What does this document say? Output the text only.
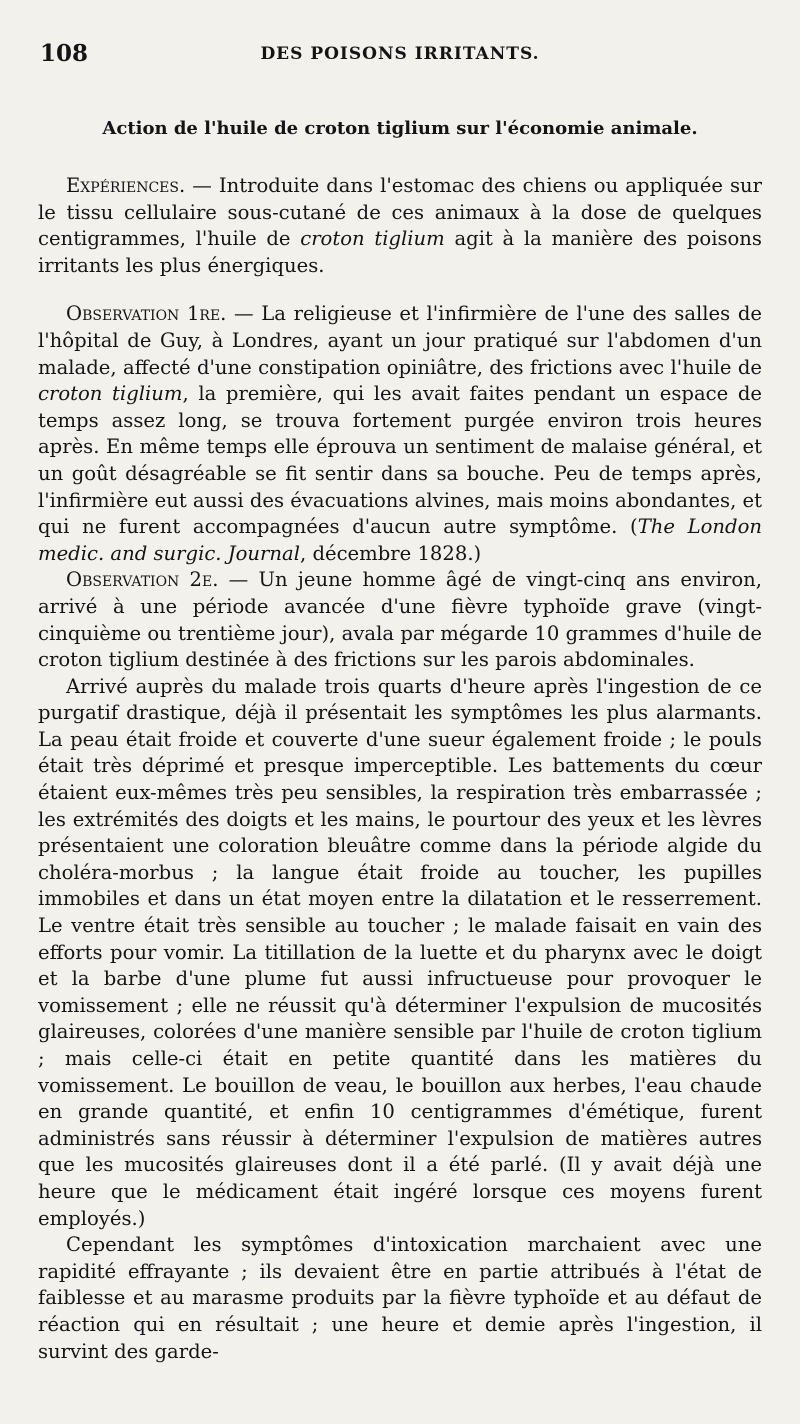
108	DES POISONS IRRITANTS.
Action de l'huile de croton tiglium sur l'économie animale.

Expériences. — Introduite dans l'estomac des chiens ou appliquée sur le tissu cellulaire sous-cutané de ces animaux à la dose de quelques centigrammes, l'huile de croton tiglium agit à la manière des poisons irritants les plus énergiques.

Observation 1re. — La religieuse et l'infirmière de l'une des salles de l'hôpital de Guy, à Londres, ayant un jour pratiqué sur l'abdomen d'un malade, affecté d'une constipation opiniâtre, des frictions avec l'huile de croton tiglium, la première, qui les avait faites pendant un espace de temps assez long, se trouva fortement purgée environ trois heures après. En même temps elle éprouva un sentiment de malaise général, et un goût désagréable se fit sentir dans sa bouche. Peu de temps après, l'infirmière eut aussi des évacuations alvines, mais moins abondantes, et qui ne furent accompagnées d'aucun autre symptôme. (The London medic. and surgic. Journal, décembre 1828.)

Observation 2e. — Un jeune homme âgé de vingt-cinq ans environ, arrivé à une période avancée d'une fièvre typhoïde grave (vingt-cinquième ou trentième jour), avala par mégarde 10 grammes d'huile de croton tiglium destinée à des frictions sur les parois abdominales.

Arrivé auprès du malade trois quarts d'heure après l'ingestion de ce purgatif drastique, déjà il présentait les symptômes les plus alarmants. La peau était froide et couverte d'une sueur également froide ; le pouls était très déprimé et presque imperceptible. Les battements du cœur étaient eux-mêmes très peu sensibles, la respiration très embarrassée ; les extrémités des doigts et les mains, le pourtour des yeux et les lèvres présentaient une coloration bleuâtre comme dans la période algide du choléra-morbus ; la langue était froide au toucher, les pupilles immobiles et dans un état moyen entre la dilatation et le resserrement. Le ventre était très sensible au toucher ; le malade faisait en vain des efforts pour vomir. La titillation de la luette et du pharynx avec le doigt et la barbe d'une plume fut aussi infructueuse pour provoquer le vomissement ; elle ne réussit qu'à déterminer l'expulsion de mucosités glaireuses, colorées d'une manière sensible par l'huile de croton tiglium ; mais celle-ci était en petite quantité dans les matières du vomissement. Le bouillon de veau, le bouillon aux herbes, l'eau chaude en grande quantité, et enfin 10 centigrammes d'émétique, furent administrés sans réussir à déterminer l'expulsion de matières autres que les mucosités glaireuses dont il a été parlé. (Il y avait déjà une heure que le médicament était ingéré lorsque ces moyens furent employés.)

Cependant les symptômes d'intoxication marchaient avec une rapidité effrayante ; ils devaient être en partie attribués à l'état de faiblesse et au marasme produits par la fièvre typhoïde et au défaut de réaction qui en résultait ; une heure et demie après l'ingestion, il survint des garde-
